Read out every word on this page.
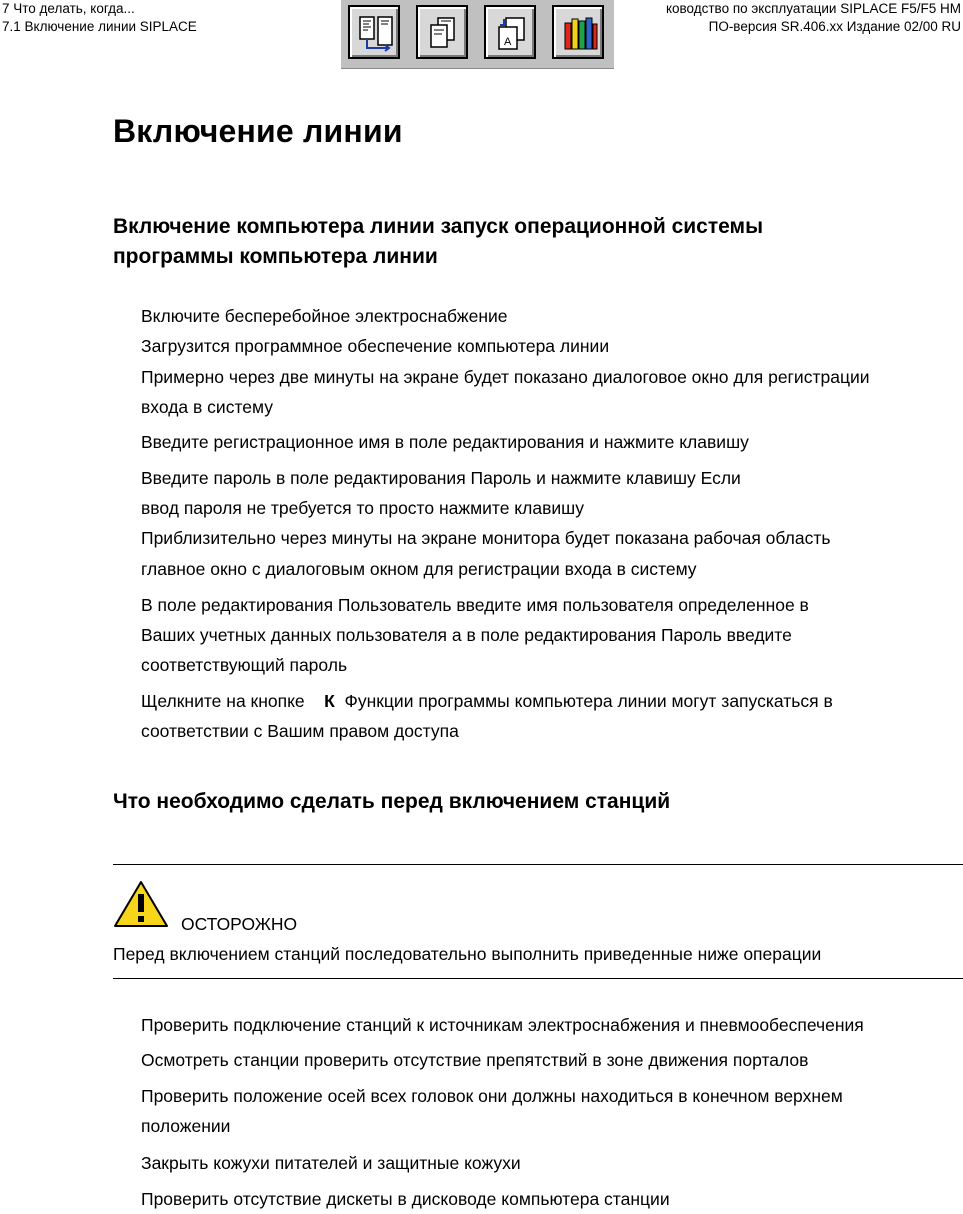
7 Что делать, когда...
7.1 Включение линии SIPLACE
ководство по эксплуатации SIPLACE F5/F5 HM
ПО-версия SR.406.xx Издание 02/00 RU
A
Включение линии
Включение компьютера линии запуск операционной системы
программы компьютера линии
Включите бесперебойное электроснабжение
Загрузится программное обеспечение компьютера линии
Примерно через две минуты на экране будет показано диалоговое окно для регистрации
входа в систему
Введите регистрационное имя в поле редактирования и нажмите клавишу
Введите пароль в поле редактирования Пароль и нажмите клавишу Если
ввод пароля не требуется то просто нажмите клавишу
Приблизительно через минуты на экране монитора будет показана рабочая область
главное окно с диалоговым окном для регистрации входа в систему
В поле редактирования Пользователь введите имя пользователя определенное в
Ваших учетных данных пользователя а в поле редактирования Пароль введите
соответствующий пароль
Щелкните на кнопке    К  Функции программы компьютера линии могут запускаться в
соответствии с Вашим правом доступа
Что необходимо сделать перед включением станций
ОСТОРОЖНО
Перед включением станций последовательно выполнить приведенные ниже операции
Проверить подключение станций к источникам электроснабжения и пневмообеспечения
Осмотреть станции проверить отсутствие препятствий в зоне движения порталов
Проверить положение осей всех головок они должны находиться в конечном верхнем
положении
Закрыть кожухи питателей и защитные кожухи
Проверить отсутствие дискеты в дисководе компьютера станции
